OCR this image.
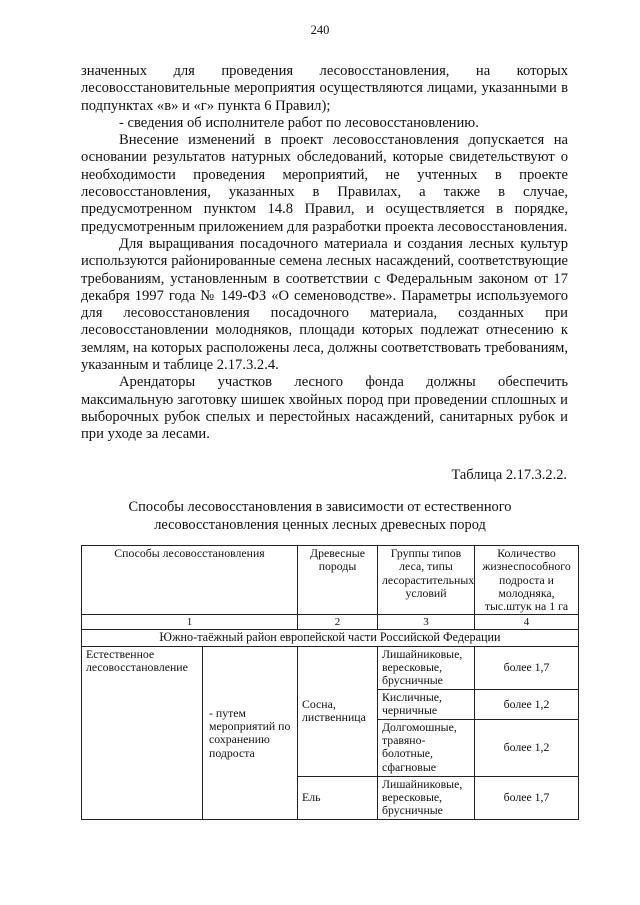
240

значенных для проведения лесовосстановления, на которых лесовосстановительные мероприятия осуществляются лицами, указанными в подпунктах «в» и «г» пункта 6 Правил);

- сведения об исполнителе работ по лесовосстановлению.

Внесение изменений в проект лесовосстановления допускается на основании результатов натурных обследований, которые свидетельствуют о необходимости проведения мероприятий, не учтенных в проекте лесовосстановления, указанных в Правилах, а также в случае, предусмотренном пунктом 14.8 Правил, и осуществляется в порядке, предусмотренным приложением для разработки проекта лесовосстановления.

Для выращивания посадочного материала и создания лесных культур используются районированные семена лесных насаждений, соответствующие требованиям, установленным в соответствии с Федеральным законом от 17 декабря 1997 года № 149-ФЗ «О семеноводстве». Параметры используемого для лесовосстановления посадочного материала, созданных при лесовосстановлении молодняков, площади которых подлежат отнесению к землям, на которых расположены леса, должны соответствовать требованиям, указанным и таблице 2.17.3.2.4.

Арендаторы участков лесного фонда должны обеспечить максимальную заготовку шишек хвойных пород при проведении сплошных и выборочных рубок спелых и перестойных насаждений, санитарных рубок и при уходе за лесами.

Таблица 2.17.3.2.2.
Способы лесовосстановления в зависимости от естественного
лесовосстановления ценных лесных древесных пород
Способы лесовосстановления		Древесные породы	Группы типов леса, типы лесорастительных условий	Количество жизнеспособного подроста и молодняка, тыс.штук на 1 га
1		2	3	4
Южно-таёжный район европейской части Российской Федерации				
Естественное лесовосстановление	- путем мероприятий по сохранению подроста	Сосна, лиственница	Лишайниковые, вересковые, брусничные	более 1,7
			Кисличные, черничные	более 1,2
			Долгомошные, травяно-болотные, сфагновые	более 1,2
		Ель	Лишайниковые, вересковые, брусничные	более 1,7
